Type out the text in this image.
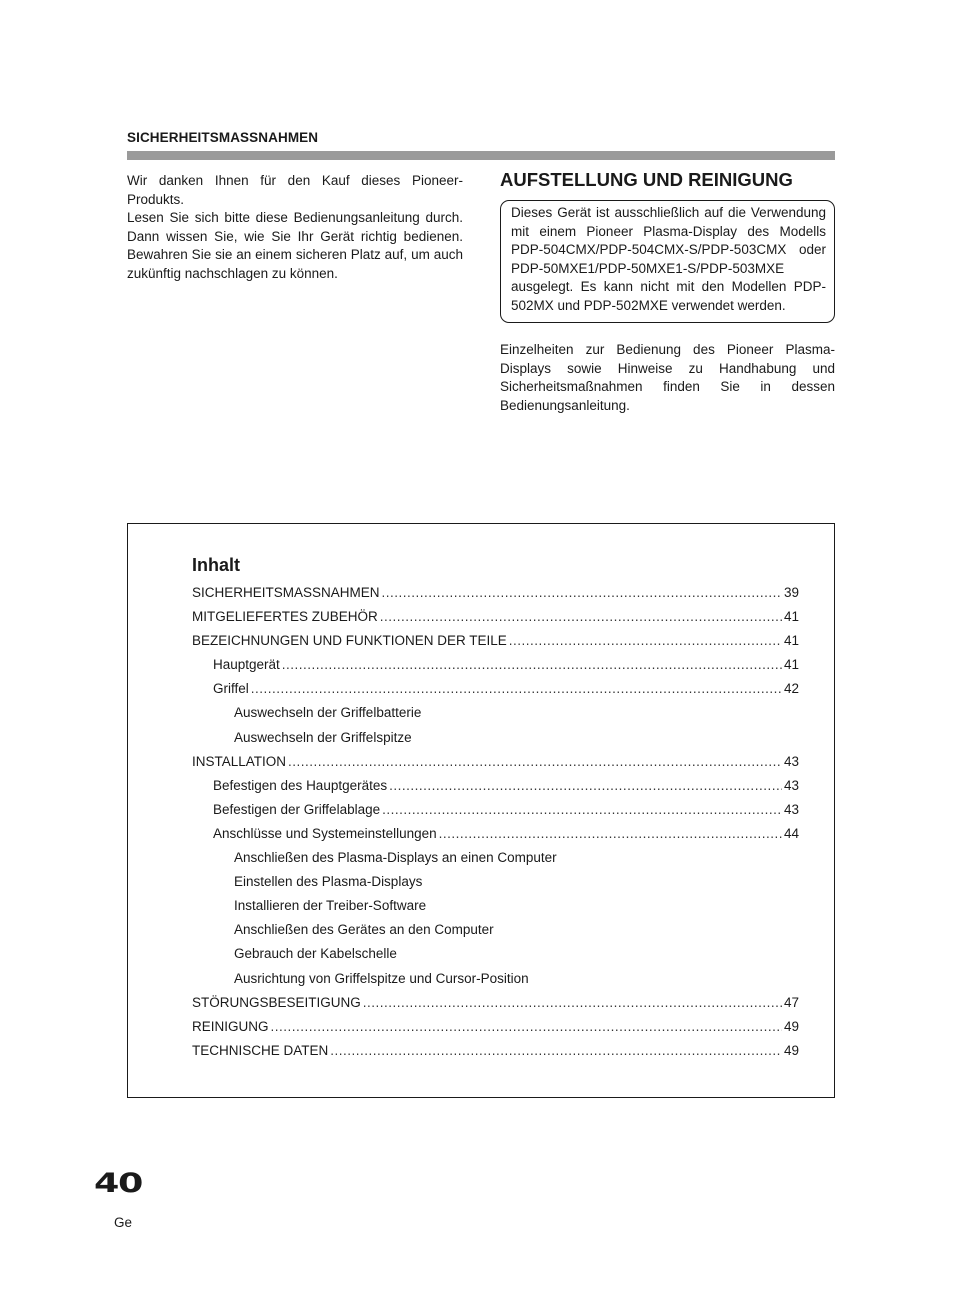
SICHERHEITSMASSNAHMEN

Wir danken Ihnen für den Kauf dieses Pioneer-Produkts.

Lesen Sie sich bitte diese Bedienungsanleitung durch. Dann wissen Sie, wie Sie Ihr Gerät richtig bedienen. Bewahren Sie sie an einem sicheren Platz auf, um auch zukünftig nachschlagen zu können.

AUFSTELLUNG UND REINIGUNG

Dieses Gerät ist ausschließlich auf die Verwendung mit einem Pioneer Plasma-Display des Modells PDP-504CMX/PDP-504CMX-S/PDP-503CMX oder PDP-50MXE1/PDP-50MXE1-S/PDP-503MXE ausgelegt. Es kann nicht mit den Modellen PDP-502MX und PDP-502MXE verwendet werden.

Einzelheiten zur Bedienung des Pioneer Plasma-Displays sowie Hinweise zu Handhabung und Sicherheitsmaßnahmen finden Sie in dessen Bedienungsanleitung.

Inhalt
SICHERHEITSMASSNAHMEN .....	39
MITGELIEFERTES ZUBEHÖR .....	41
BEZEICHNUNGEN UND FUNKTIONEN DER TEILE .....	41
Hauptgerät .....	41
Griffel .....	42
Auswechseln der Griffelbatterie
Auswechseln der Griffelspitze
INSTALLATION .....	43
Befestigen des Hauptgerätes .....	43
Befestigen der Griffelablage .....	43
Anschlüsse und Systemeinstellungen .....	44
Anschließen des Plasma-Displays an einen Computer
Einstellen des Plasma-Displays
Installieren der Treiber-Software
Anschließen des Gerätes an den Computer
Gebrauch der Kabelschelle
Ausrichtung von Griffelspitze und Cursor-Position
STÖRUNGSBESEITIGUNG .....	47
REINIGUNG .....	49
TECHNISCHE DATEN .....	49
40
Ge
